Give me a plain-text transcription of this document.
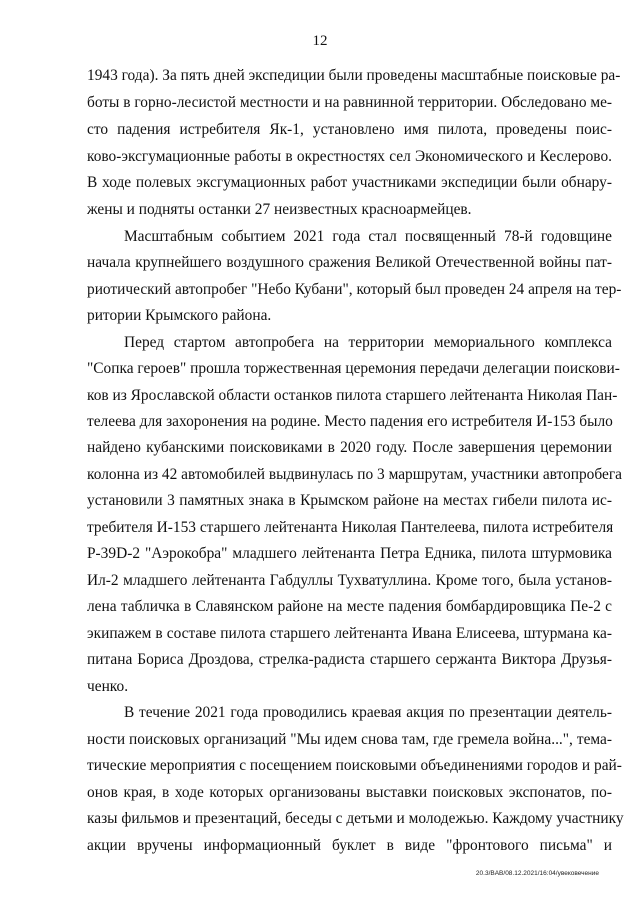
12
1943 года). За пять дней экспедиции были проведены масштабные поисковые ра-
боты в горно-лесистой местности и на равнинной территории. Обследовано ме-
сто падения истребителя Як-1, установлено имя пилота, проведены поис-
ково-эксгумационные работы в окрестностях сел Экономического и Кеслерово.
В ходе полевых эксгумационных работ участниками экспедиции были обнару-
жены и подняты останки 27 неизвестных красноармейцев.
Масштабным событием 2021 года стал посвященный 78-й годовщине
начала крупнейшего воздушного сражения Великой Отечественной войны пат-
риотический автопробег "Небо Кубани", который был проведен 24 апреля на тер-
ритории Крымского района.
Перед стартом автопробега на территории мемориального комплекса
"Сопка героев" прошла торжественная церемония передачи делегации поискови-
ков из Ярославской области останков пилота старшего лейтенанта Николая Пан-
телеева для захоронения на родине. Место падения его истребителя И-153 было
найдено кубанскими поисковиками в 2020 году. После завершения церемонии
колонна из 42 автомобилей выдвинулась по 3 маршрутам, участники автопробега
установили 3 памятных знака в Крымском районе на местах гибели пилота ис-
требителя И-153 старшего лейтенанта Николая Пантелеева, пилота истребителя
Р-39D-2 "Аэрокобра" младшего лейтенанта Петра Едника, пилота штурмовика
Ил-2 младшего лейтенанта Габдуллы Тухватуллина. Кроме того, была установ-
лена табличка в Славянском районе на месте падения бомбардировщика Пе-2 с
экипажем в составе пилота старшего лейтенанта Ивана Елисеева, штурмана ка-
питана Бориса Дроздова, стрелка-радиста старшего сержанта Виктора Друзья-
ченко.
В течение 2021 года проводились краевая акция по презентации деятель-
ности поисковых организаций "Мы идем снова там, где гремела война...", тема-
тические мероприятия с посещением поисковыми объединениями городов и рай-
онов края, в ходе которых организованы выставки поисковых экспонатов, по-
казы фильмов и презентаций, беседы с детьми и молодежью. Каждому участнику
акции вручены информационный буклет в виде "фронтового письма" и
20.3/BAB/08.12.2021/16:04/увековечение
